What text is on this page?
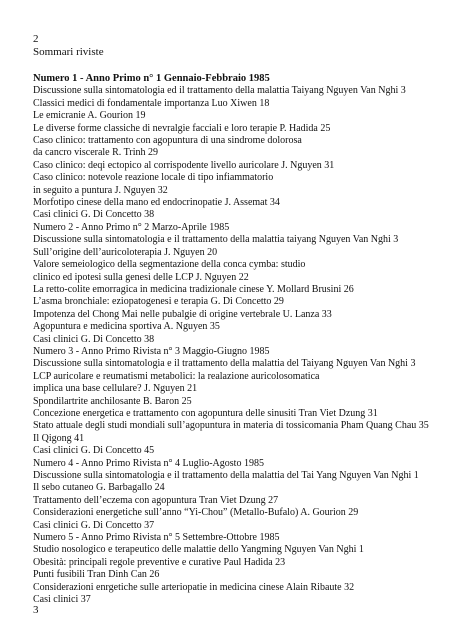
2

Sommari riviste

Numero 1 - Anno Primo n° 1 Gennaio-Febbraio 1985
Discussione sulla sintomatologia ed il trattamento della malattia Taiyang Nguyen Van Nghi 3
Classici medici di fondamentale importanza Luo Xiwen 18
Le emicranie A. Gourion 19
Le diverse forme classiche di nevralgie facciali e loro terapie P. Hadida 25
Caso clinico: trattamento con agopuntura di una sindrome dolorosa
da cancro viscerale R. Trinh 29
Caso clinico: deqi ectopico al corrispodente livello auricolare J. Nguyen 31
Caso clinico: notevole reazione locale di tipo infiammatorio
in seguito a puntura J. Nguyen 32
Morfotipo cinese della mano ed endocrinopatie J. Assemat 34
Casi clinici G. Di Concetto 38
Numero 2 - Anno Primo n° 2 Marzo-Aprile 1985
Discussione sulla sintomatologia e il trattamento della malattia taiyang Nguyen Van Nghi 3
Sull’origine dell’auricoloterapia J. Nguyen 20
Valore semeiologico della segmentazione della conca cymba: studio
clinico ed ipotesi sulla genesi delle LCP J. Nguyen 22
La retto-colite emorragica in medicina tradizionale cinese Y. Mollard Brusini 26
L’asma bronchiale: eziopatogenesi e terapia G. Di Concetto 29
Impotenza del Chong Mai nelle pubalgie di origine vertebrale U. Lanza 33
Agopuntura e medicina sportiva A. Nguyen 35
Casi clinici G. Di Concetto 38
Numero 3 - Anno Primo Rivista n° 3 Maggio-Giugno 1985
Discussione sulla sintomatologia e il trattamento della malattia del Taiyang Nguyen Van Nghi 3
LCP auricolare e reumatismi metabolici: la realazione auricolosomatica
implica una base cellulare? J. Nguyen 21
Spondilartrite anchilosante B. Baron 25
Concezione energetica e trattamento con agopuntura delle sinusiti Tran Viet Dzung 31
Stato attuale degli studi mondiali sull’agopuntura in materia di tossicomania Pham Quang Chau 35
Il Qigong 41
Casi clinici G. Di Concetto 45
Numero 4 - Anno Primo Rivista n° 4 Luglio-Agosto 1985
Discussione sulla sintomatologia e il trattamento della malattia del Tai Yang Nguyen Van Nghi 1
Il sebo cutaneo G. Barbagallo 24
Trattamento dell’eczema con agopuntura Tran Viet Dzung 27
Considerazioni energetiche sull’anno “Yi-Chou” (Metallo-Bufalo) A. Gourion 29
Casi clinici G. Di Concetto 37
Numero 5 - Anno Primo Rivista n° 5 Settembre-Ottobre 1985
Studio nosologico e terapeutico delle malattie dello Yangming Nguyen Van Nghi 1
Obesità: principali regole preventive e curative Paul Hadida 23
Punti fusibili Tran Dinh Can 26
Considerazioni enrgetiche sulle arteriopatie in medicina cinese Alain Ribaute 32
Casi clinici 37

3
